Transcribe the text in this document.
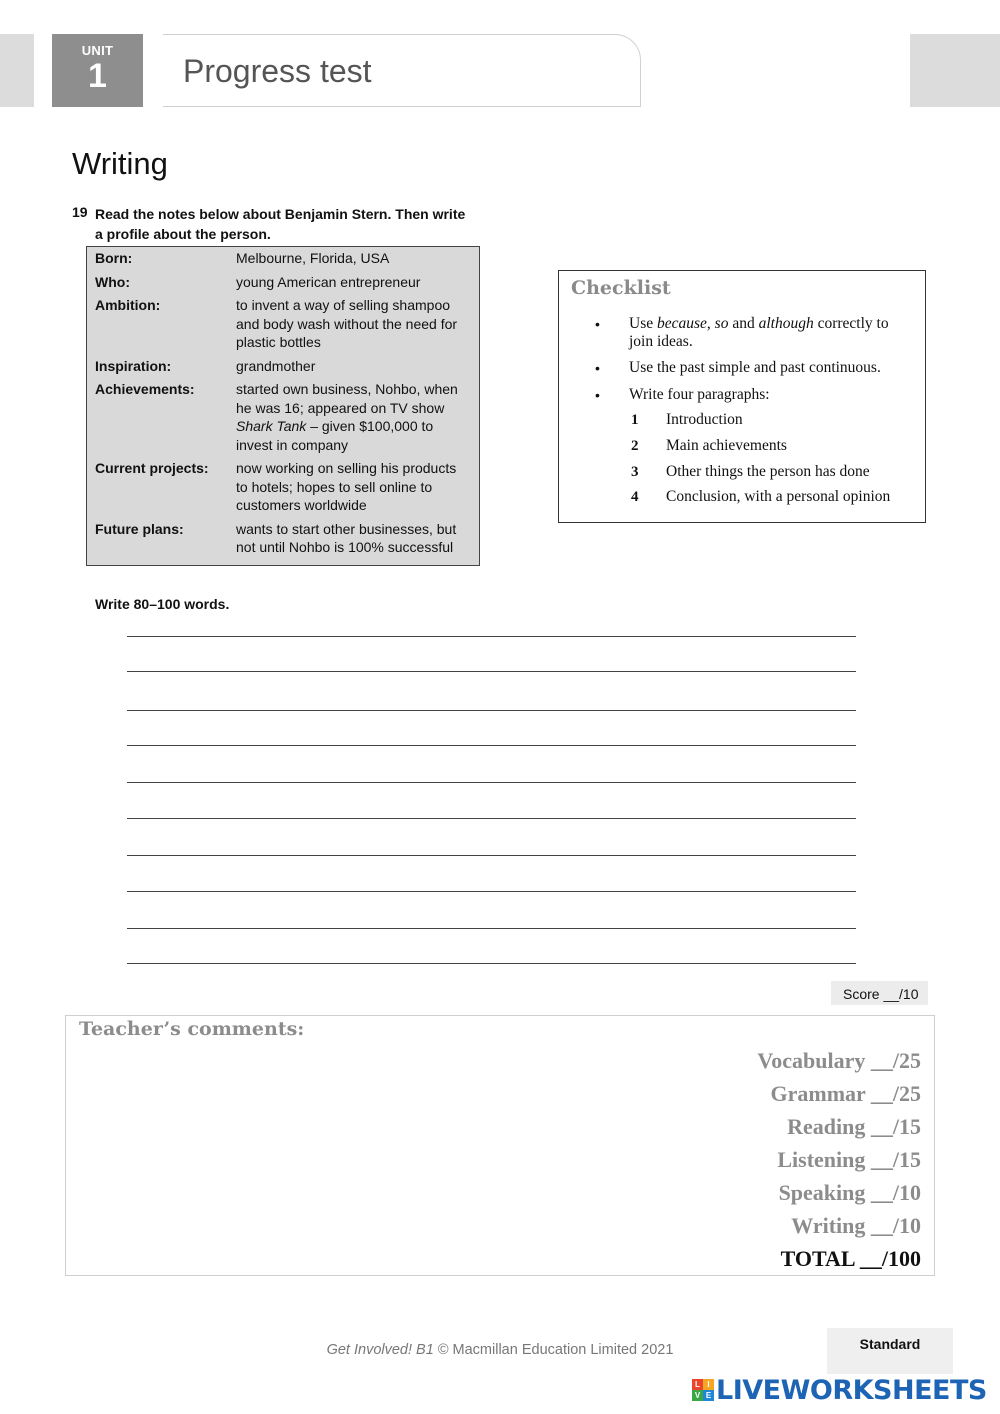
UNIT
1	Progress test
Writing
19 Read the notes below about Benjamin Stern. Then write a profile about the person.
Born:	Melbourne, Florida, USA
Who:	young American entrepreneur
Ambition:	to invent a way of selling shampoo and body wash without the need for plastic bottles
Inspiration:	grandmother
Achievements:	started own business, Nohbo, when he was 16; appeared on TV show Shark Tank – given $100,000 to invest in company
Current projects:	now working on selling his products to hotels; hopes to sell online to customers worldwide
Future plans:	wants to start other businesses, but not until Nohbo is 100% successful
Checklist
• Use because, so and although correctly to join ideas.
• Use the past simple and past continuous.
• Write four paragraphs:
1 Introduction
2 Main achievements
3 Other things the person has done
4 Conclusion, with a personal opinion
Write 80–100 words.
Score __/10
Teacher’s comments:
Vocabulary __/25
Grammar __/25
Reading __/15
Listening __/15
Speaking __/10
Writing __/10
TOTAL __/100
Get Involved! B1 © Macmillan Education Limited 2021	Standard
L I
V E LIVEWORKSHEETS
